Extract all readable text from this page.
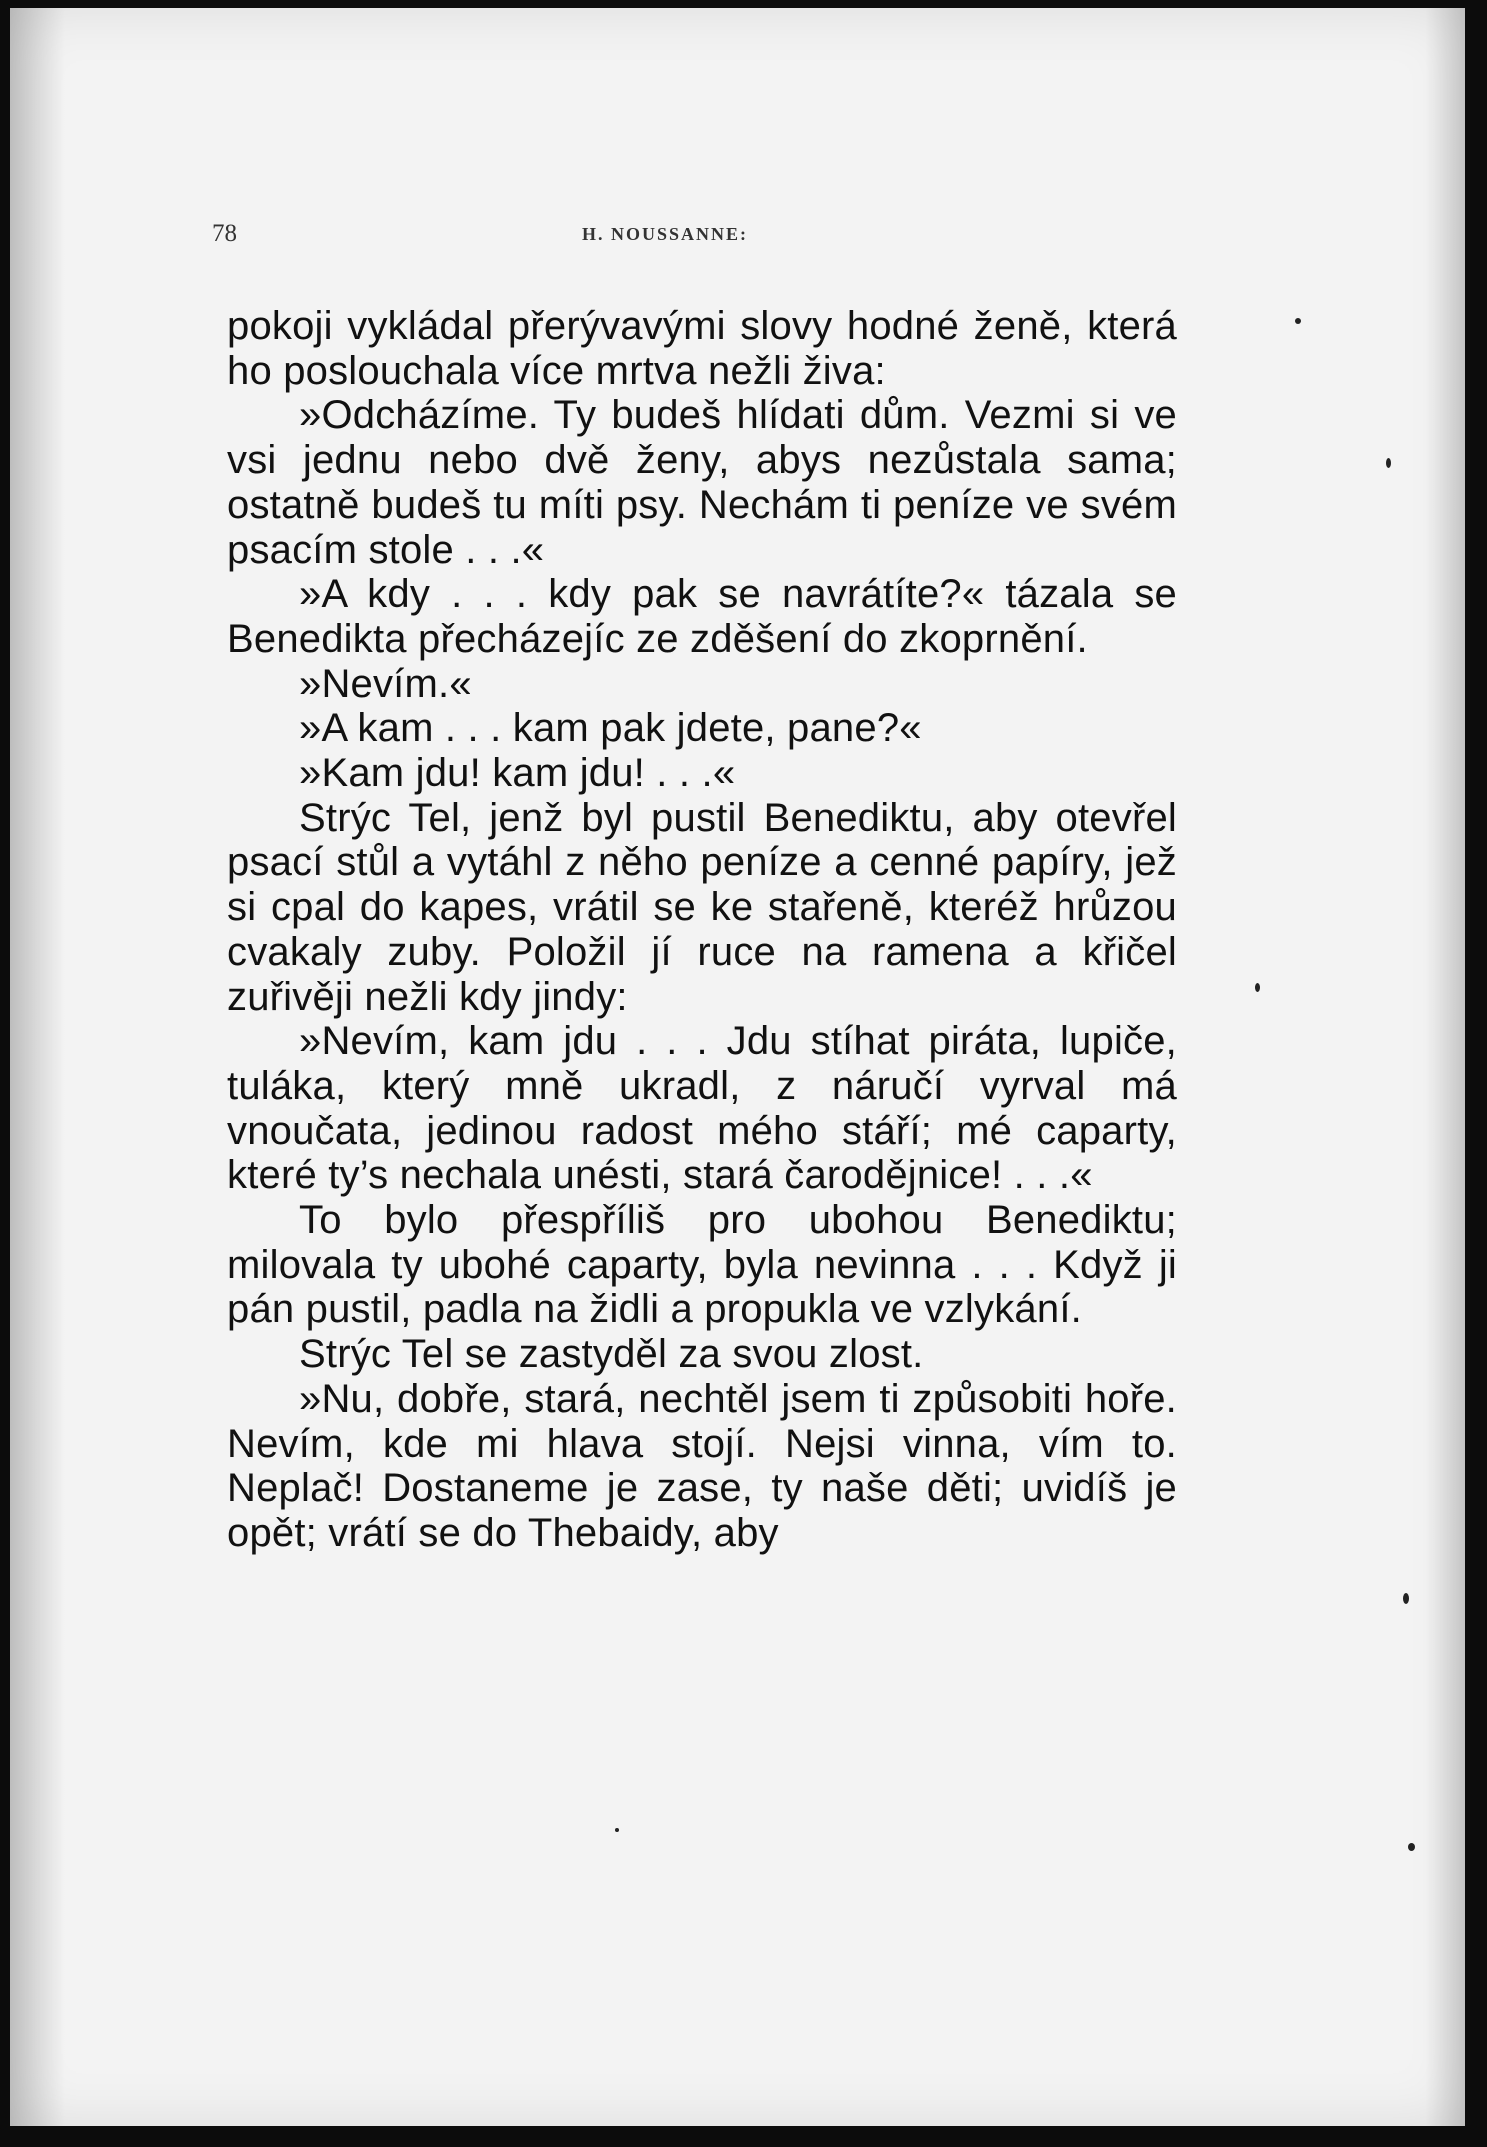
78	H. NOUSSANNE:

pokoji vykládal přerývavými slovy hodné ženě, která ho poslouchala více mrtva nežli živa:

»Odcházíme. Ty budeš hlídati dům. Vezmi si ve vsi jednu nebo dvě ženy, abys nezůstala sama; ostatně budeš tu míti psy. Nechám ti peníze ve svém psacím stole . . .«

»A kdy . . . kdy pak se navrátíte?« tázala se Benedikta přecházejíc ze zděšení do zkoprnění.

»Nevím.«

»A kam . . . kam pak jdete, pane?«

»Kam jdu! kam jdu! . . .«

Strýc Tel, jenž byl pustil Benediktu, aby otevřel psací stůl a vytáhl z něho peníze a cenné papíry, jež si cpal do kapes, vrátil se ke stařeně, kteréž hrůzou cvakaly zuby. Položil jí ruce na ramena a křičel zuřivěji nežli kdy jindy:

»Nevím, kam jdu . . . Jdu stíhat piráta, lupiče, tuláka, který mně ukradl, z náručí vyrval má vnoučata, jedinou radost mého stáří; mé caparty, které ty’s nechala unésti, stará čarodějnice! . . .«

To bylo přespříliš pro ubohou Benediktu; milovala ty ubohé caparty, byla nevinna . . . Když ji pán pustil, padla na židli a propukla ve vzlykání.

Strýc Tel se zastyděl za svou zlost.

»Nu, dobře, stará, nechtěl jsem ti způsobiti hoře. Nevím, kde mi hlava stojí. Nejsi vinna, vím to. Neplač! Dostaneme je zase, ty naše děti; uvidíš je opět; vrátí se do Thebaidy, aby
